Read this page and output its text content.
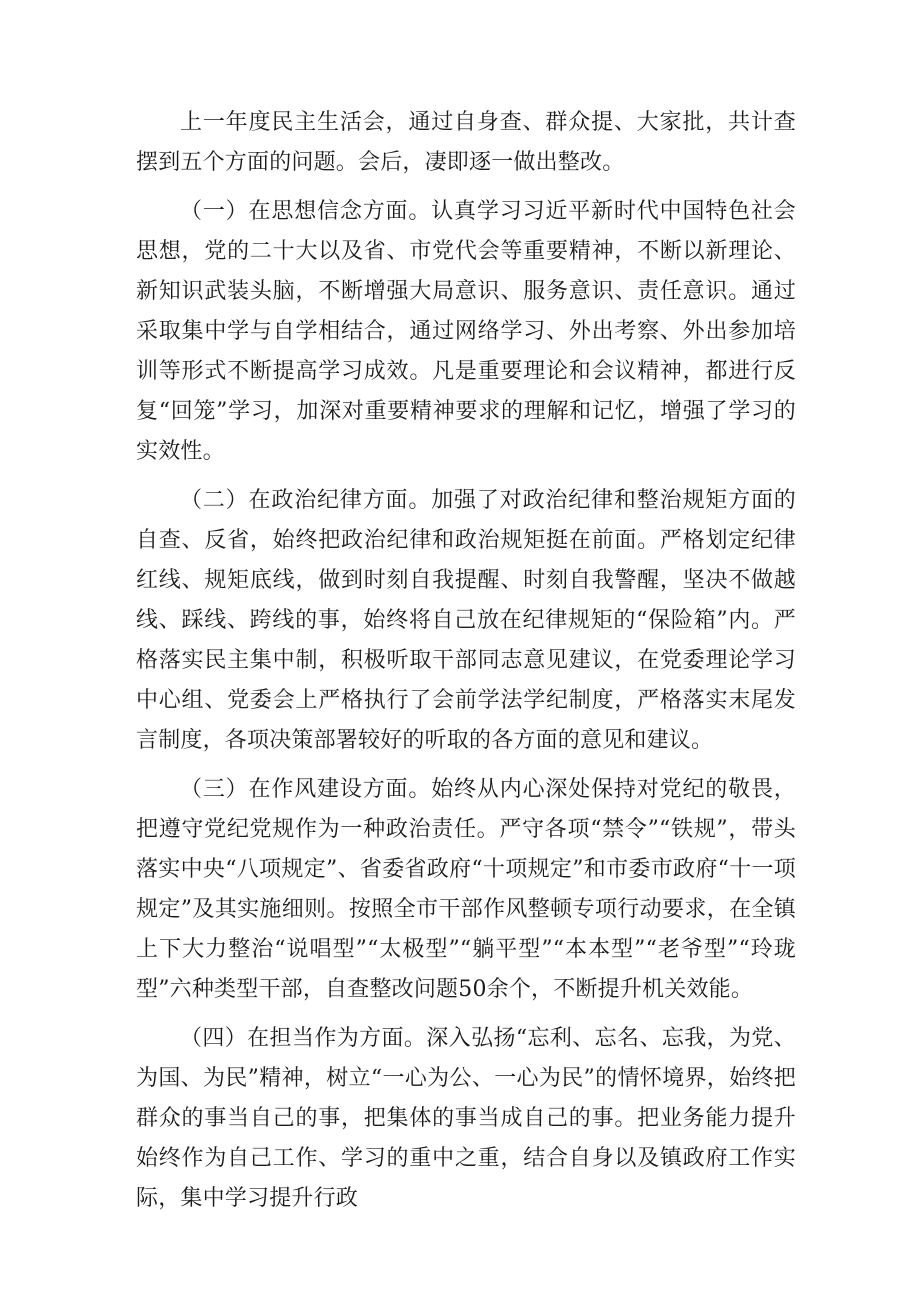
上一年度民主生活会，通过自身查、群众提、大家批，共计查摆到五个方面的问题。会后，凄即逐一做出整改。

（一）在思想信念方面。认真学习习近平新时代中国特色社会思想，党的二十大以及省、市党代会等重要精神，不断以新理论、新知识武装头脑，不断增强大局意识、服务意识、责任意识。通过采取集中学与自学相结合，通过网络学习、外出考察、外出参加培训等形式不断提高学习成效。凡是重要理论和会议精神，都进行反复“回笼”学习，加深对重要精神要求的理解和记忆，增强了学习的实效性。

（二）在政治纪律方面。加强了对政治纪律和整治规矩方面的自查、反省，始终把政治纪律和政治规矩挺在前面。严格划定纪律红线、规矩底线，做到时刻自我提醒、时刻自我警醒，坚决不做越线、踩线、跨线的事，始终将自己放在纪律规矩的“保险箱”内。严格落实民主集中制，积极听取干部同志意见建议，在党委理论学习中心组、党委会上严格执行了会前学法学纪制度，严格落实末尾发言制度，各项决策部署较好的听取的各方面的意见和建议。

（三）在作风建设方面。始终从内心深处保持对党纪的敬畏，把遵守党纪党规作为一种政治责任。严守各项“禁令”“铁规”，带头落实中央“八项规定”、省委省政府“十项规定”和市委市政府“十一项规定”及其实施细则。按照全市干部作风整顿专项行动要求，在全镇上下大力整治“说唱型”“太极型”“躺平型”“本本型”“老爷型”“玲珑型”六种类型干部，自查整改问题50余个，不断提升机关效能。

（四）在担当作为方面。深入弘扬“忘利、忘名、忘我，为党、为国、为民”精神，树立“一心为公、一心为民”的情怀境界，始终把群众的事当自己的事，把集体的事当成自己的事。把业务能力提升始终作为自己工作、学习的重中之重，结合自身以及镇政府工作实际，集中学习提升行政
